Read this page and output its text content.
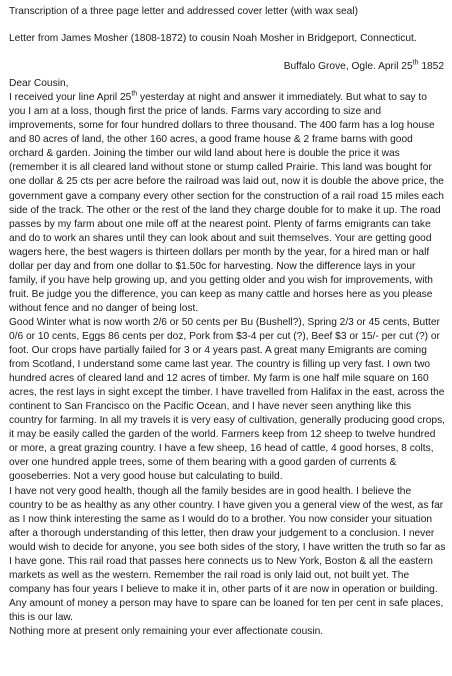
Transcription of a three page letter and addressed cover letter (with wax seal)
Letter from James Mosher (1808-1872) to cousin Noah Mosher in Bridgeport, Connecticut.
Buffalo Grove, Ogle. April 25th 1852
Dear Cousin,

I received your line April 25th yesterday at night and answer it immediately. But what to say to you I am at a loss, though first the price of lands. Farms vary according to size and improvements, some for four hundred dollars to three thousand. The 400 farm has a log house and 80 acres of land, the other 160 acres, a good frame house & 2 frame barns with good orchard & garden. Joining the timber our wild land about here is double the price it was (remember it is all cleared land without stone or stump called Prairie. This land was bought for one dollar & 25 cts per acre before the railroad was laid out, now it is double the above price, the government gave a company every other section for the construction of a rail road 15 miles each side of the track. The other or the rest of the land they charge double for to make it up. The road passes by my farm about one mile off at the nearest point. Plenty of farms emigrants can take and do to work an shares until they can look about and suit themselves. Your are getting good wagers here, the best wagers is thirteen dollars per month by the year, for a hired man or half dollar per day and from one dollar to $1.50c for harvesting. Now the difference lays in your family, if you have help growing up, and you getting older and you wish for improvements, with fruit. Be judge you the difference, you can keep as many cattle and horses here as you please without fence and no danger of being lost.

Good Winter what is now worth 2/6 or 50 cents per Bu (Bushell?), Spring 2/3 or 45 cents, Butter 0/6 or 10 cents, Eggs 86 cents per doz, Pork from $3-4 per cut (?), Beef $3 or 15/- per cut (?) or foot. Our crops have partially failed for 3 or 4 years past. A great many Emigrants are coming from Scotland, I understand some came last year. The country is filling up very fast. I own two hundred acres of cleared land and 12 acres of timber. My farm is one half mile square on 160 acres, the rest lays in sight except the timber. I have travelled from Halifax in the east, across the continent to San Francisco on the Pacific Ocean, and I have never seen anything like this country for farming. In all my travels it is very easy of cultivation, generally producing good crops, it may be easily called the garden of the world. Farmers keep from 12 sheep to twelve hundred or more, a great grazing country. I have a few sheep, 16 head of cattle, 4 good horses, 8 colts, over one hundred apple trees, some of them bearing with a good garden of currents & gooseberries. Not a very good house but calculating to build.

I have not very good health, though all the family besides are in good health. I believe the country to be as healthy as any other country. I have given you a general view of the west, as far as I now think interesting the same as I would do to a brother. You now consider your situation after a thorough understanding of this letter, then draw your judgement to a conclusion. I never would wish to decide for anyone, you see both sides of the story, I have written the truth so far as I have gone. This rail road that passes here connects us to New York, Boston & all the eastern markets as well as the western. Remember the rail road is only laid out, not built yet. The company has four years I believe to make it in, other parts of it are now in operation or building. Any amount of money a person may have to spare can be loaned for ten per cent in safe places, this is our law.

Nothing more at present only remaining your ever affectionate cousin.
